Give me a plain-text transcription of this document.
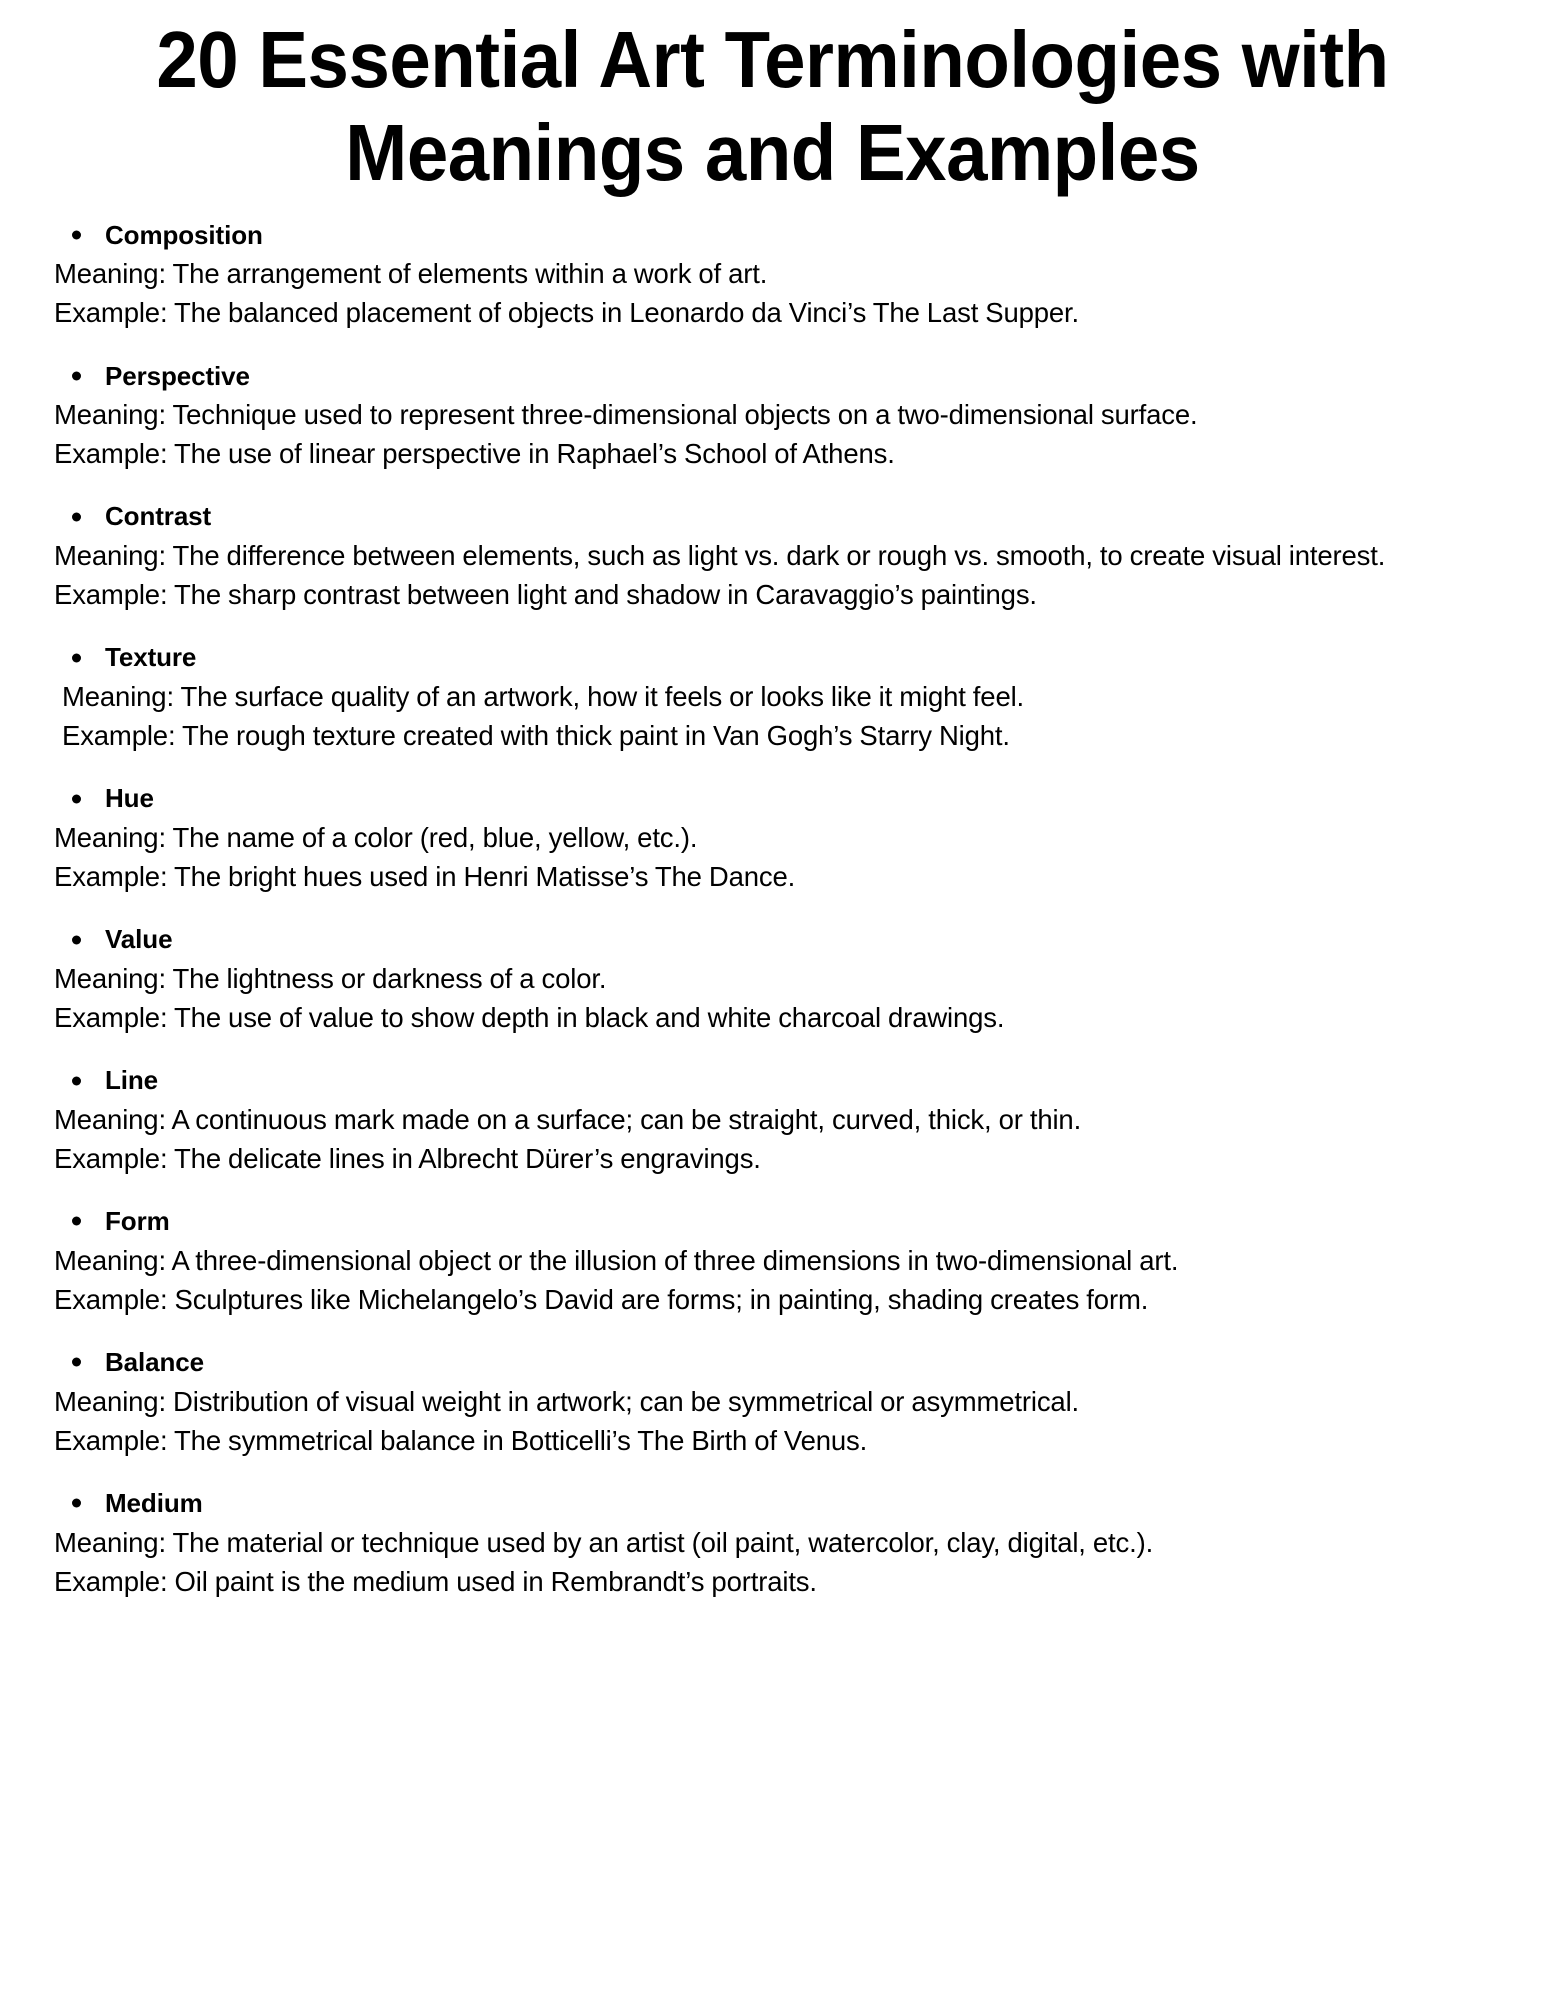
20 Essential Art Terminologies with Meanings and Examples
Composition

Meaning: The arrangement of elements within a work of art.

Example: The balanced placement of objects in Leonardo da Vinci’s The Last Supper.

Perspective

Meaning: Technique used to represent three-dimensional objects on a two-dimensional surface.

Example: The use of linear perspective in Raphael’s School of Athens.

Contrast

Meaning: The difference between elements, such as light vs. dark or rough vs. smooth, to create visual interest.

Example: The sharp contrast between light and shadow in Caravaggio’s paintings.

Texture

Meaning: The surface quality of an artwork, how it feels or looks like it might feel.

Example: The rough texture created with thick paint in Van Gogh’s Starry Night.

Hue

Meaning: The name of a color (red, blue, yellow, etc.).

Example: The bright hues used in Henri Matisse’s The Dance.

Value

Meaning: The lightness or darkness of a color.

Example: The use of value to show depth in black and white charcoal drawings.

Line

Meaning: A continuous mark made on a surface; can be straight, curved, thick, or thin.

Example: The delicate lines in Albrecht Dürer’s engravings.

Form

Meaning: A three-dimensional object or the illusion of three dimensions in two-dimensional art.

Example: Sculptures like Michelangelo’s David are forms; in painting, shading creates form.

Balance

Meaning: Distribution of visual weight in artwork; can be symmetrical or asymmetrical.

Example: The symmetrical balance in Botticelli’s The Birth of Venus.

Medium

Meaning: The material or technique used by an artist (oil paint, watercolor, clay, digital, etc.).

Example: Oil paint is the medium used in Rembrandt’s portraits.
